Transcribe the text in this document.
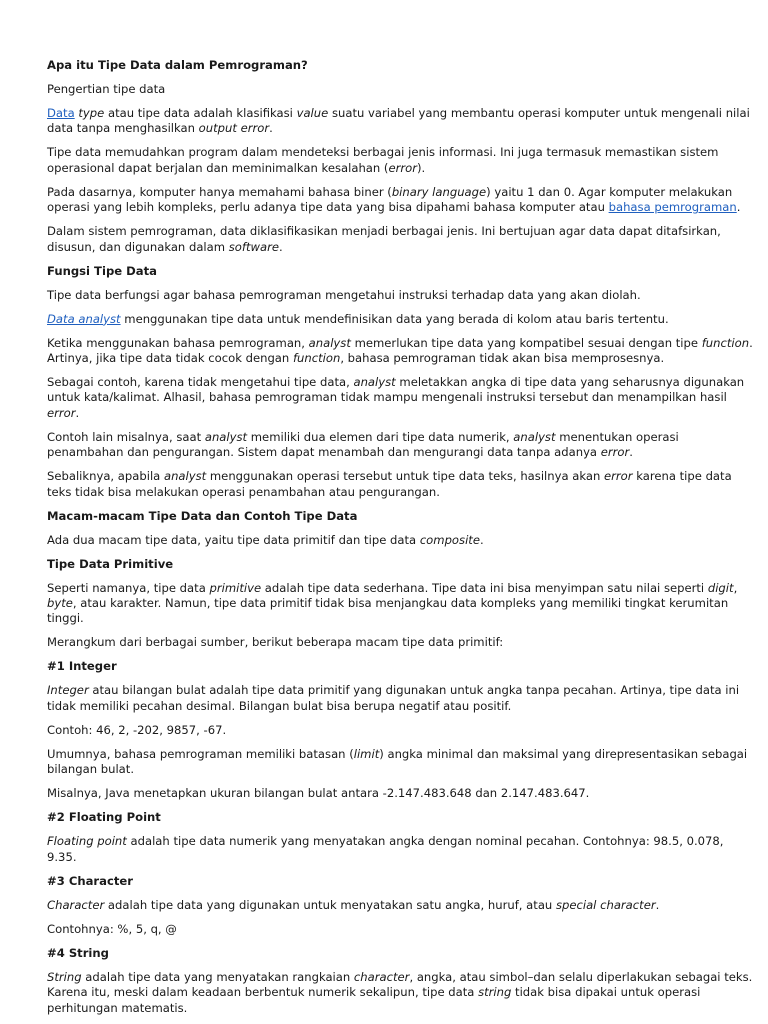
Apa itu Tipe Data dalam Pemrograman?

Pengertian tipe data

Data type atau tipe data adalah klasifikasi value suatu variabel yang membantu operasi komputer untuk mengenali nilai data tanpa menghasilkan output error.

Tipe data memudahkan program dalam mendeteksi berbagai jenis informasi. Ini juga termasuk memastikan sistem operasional dapat berjalan dan meminimalkan kesalahan (error).

Pada dasarnya, komputer hanya memahami bahasa biner (binary language) yaitu 1 dan 0. Agar komputer melakukan operasi yang lebih kompleks, perlu adanya tipe data yang bisa dipahami bahasa komputer atau bahasa pemrograman.

Dalam sistem pemrograman, data diklasifikasikan menjadi berbagai jenis. Ini bertujuan agar data dapat ditafsirkan, disusun, dan digunakan dalam software.

Fungsi Tipe Data

Tipe data berfungsi agar bahasa pemrograman mengetahui instruksi terhadap data yang akan diolah.

Data analyst menggunakan tipe data untuk mendefinisikan data yang berada di kolom atau baris tertentu.

Ketika menggunakan bahasa pemrograman, analyst memerlukan tipe data yang kompatibel sesuai dengan tipe function. Artinya, jika tipe data tidak cocok dengan function, bahasa pemrograman tidak akan bisa memprosesnya.

Sebagai contoh, karena tidak mengetahui tipe data, analyst meletakkan angka di tipe data yang seharusnya digunakan untuk kata/kalimat. Alhasil, bahasa pemrograman tidak mampu mengenali instruksi tersebut dan menampilkan hasil error.

Contoh lain misalnya, saat analyst memiliki dua elemen dari tipe data numerik, analyst menentukan operasi penambahan dan pengurangan. Sistem dapat menambah dan mengurangi data tanpa adanya error.

Sebaliknya, apabila analyst menggunakan operasi tersebut untuk tipe data teks, hasilnya akan error karena tipe data teks tidak bisa melakukan operasi penambahan atau pengurangan.

Macam-macam Tipe Data dan Contoh Tipe Data

Ada dua macam tipe data, yaitu tipe data primitif dan tipe data composite.

Tipe Data Primitive

Seperti namanya, tipe data primitive adalah tipe data sederhana. Tipe data ini bisa menyimpan satu nilai seperti digit, byte, atau karakter. Namun, tipe data primitif tidak bisa menjangkau data kompleks yang memiliki tingkat kerumitan tinggi.

Merangkum dari berbagai sumber, berikut beberapa macam tipe data primitif:

#1 Integer

Integer atau bilangan bulat adalah tipe data primitif yang digunakan untuk angka tanpa pecahan. Artinya, tipe data ini tidak memiliki pecahan desimal. Bilangan bulat bisa berupa negatif atau positif.

Contoh: 46, 2, -202, 9857, -67.

Umumnya, bahasa pemrograman memiliki batasan (limit) angka minimal dan maksimal yang direpresentasikan sebagai bilangan bulat.

Misalnya, Java menetapkan ukuran bilangan bulat antara -2.147.483.648 dan 2.147.483.647.

#2 Floating Point

Floating point adalah tipe data numerik yang menyatakan angka dengan nominal pecahan. Contohnya: 98.5, 0.078, 9.35.

#3 Character

Character adalah tipe data yang digunakan untuk menyatakan satu angka, huruf, atau special character.

Contohnya: %, 5, q, @

#4 String

String adalah tipe data yang menyatakan rangkaian character, angka, atau simbol–dan selalu diperlakukan sebagai teks. Karena itu, meski dalam keadaan berbentuk numerik sekalipun, tipe data string tidak bisa dipakai untuk operasi perhitungan matematis.
